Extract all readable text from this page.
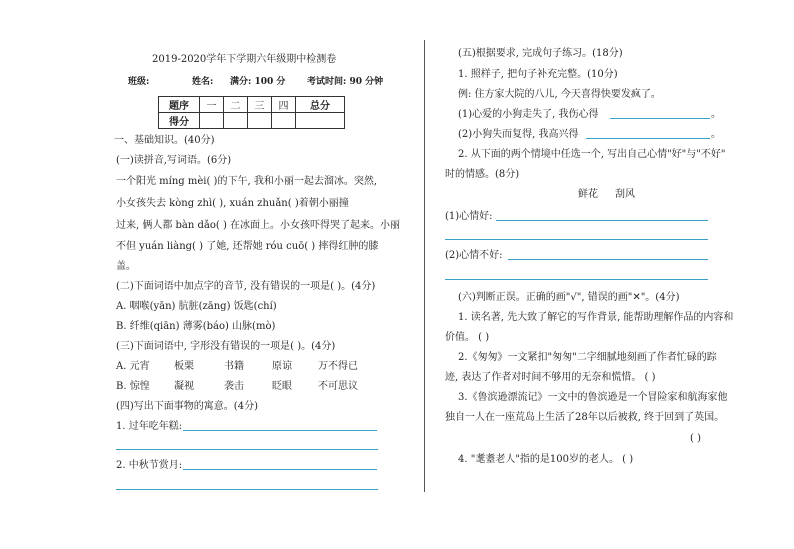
2019-2020学年下学期六年级期中检测卷
班级:	姓名: 满分: 100 分 考试时间: 90 分钟
题序	一	二	三	四	总分
得分					
一、基础知识。(40分)
(一)读拼音,写词语。(6分)
一个阳光 míng mèi( )的下午, 我和小丽一起去溜冰。突然,
小女孩失去 kòng zhì( ), xuán zhuǎn( )着朝小丽撞
过来, 俩人都 bàn dǎo( ) 在冰面上。小女孩吓得哭了起来。小丽
不但 yuán liàng( ) 了她, 还帮她 róu cuō( ) 摔得红肿的膝
盖。
(二)下面词语中加点字的音节, 没有错误的一项是( )。(4分)
A. 咽喉(yān) 肮脏(zāng) 饭匙(chí)
B. 纤维(qiān) 薄雾(báo) 山脉(mò)
(三)下面词语中, 字形没有错误的一项是( )。(4分)
A. 元宵 板栗	书籍	原谅	万不得已
B. 惊惶 凝视	袭击	眨眼	不可思议
(四)写出下面事物的寓意。(4分)
1. 过年吃年糕:
2. 中秋节赏月:
(五)根据要求, 完成句子练习。(18分)
1. 照样子, 把句子补充完整。(10分)
例: 住方家大院的八儿, 今天喜得快要发疯了。
(1)心爱的小狗走失了, 我伤心得	。
(2)小狗失而复得, 我高兴得	。
2. 从下面的两个情境中任选一个, 写出自己心情"好"与"不好"
时的情感。(8分)
鲜花 刮风
(1)心情好:
(2)心情不好:
(六)判断正误。正确的画"√", 错误的画"✕"。(4分)
1. 读名著, 先大致了解它的写作背景, 能帮助理解作品的内容和
价值。 ( )
2.《匆匆》一文紧扣"匆匆"二字细腻地刻画了作者忙碌的踪
迹, 表达了作者对时间不够用的无奈和慌惜。 ( )
3.《鲁滨逊漂流记》一文中的鲁滨逊是一个冒险家和航海家他
独自一人在一座荒岛上生活了28年以后被救, 终于回到了英国。
( )
4. "耄耋老人"指的是100岁的老人。 ( )
